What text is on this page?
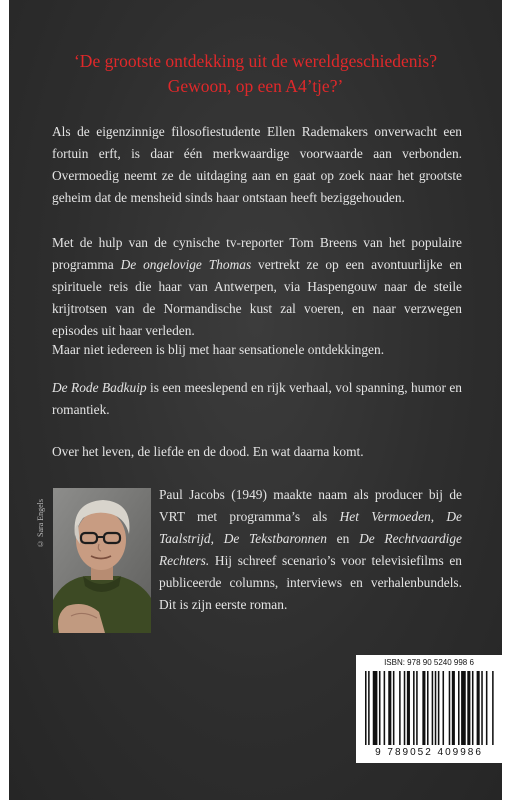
‘De grootste ontdekking uit de wereldgeschiedenis?
Gewoon, op een A4’tje?’
Als de eigenzinnige filosofiestudente Ellen Rademakers onverwacht een fortuin erft, is daar één merkwaardige voorwaarde aan verbonden. Overmoedig neemt ze de uitdaging aan en gaat op zoek naar het grootste geheim dat de mensheid sinds haar ontstaan heeft beziggehouden.
Met de hulp van de cynische tv-reporter Tom Breens van het populaire programma De ongelovige Thomas vertrekt ze op een avontuurlijke en spirituele reis die haar van Antwerpen, via Haspengouw naar de steile krijtrotsen van de Normandische kust zal voeren, en naar verzwegen episodes uit haar verleden.
Maar niet iedereen is blij met haar sensationele ontdekkingen.
De Rode Badkuip is een meeslepend en rijk verhaal, vol spanning, humor en romantiek.
Over het leven, de liefde en de dood. En wat daarna komt.
© Sara Engels
Paul Jacobs (1949) maakte naam als producer bij de VRT met programma’s als Het Vermoeden, De Taalstrijd, De Tekstbaronnen en De Rechtvaardige Rechters. Hij schreef scenario’s voor televisiefilms en publiceerde columns, interviews en verhalenbundels. Dit is zijn eerste roman.
ISBN: 978 90 5240 998 6
9 789052 409986
